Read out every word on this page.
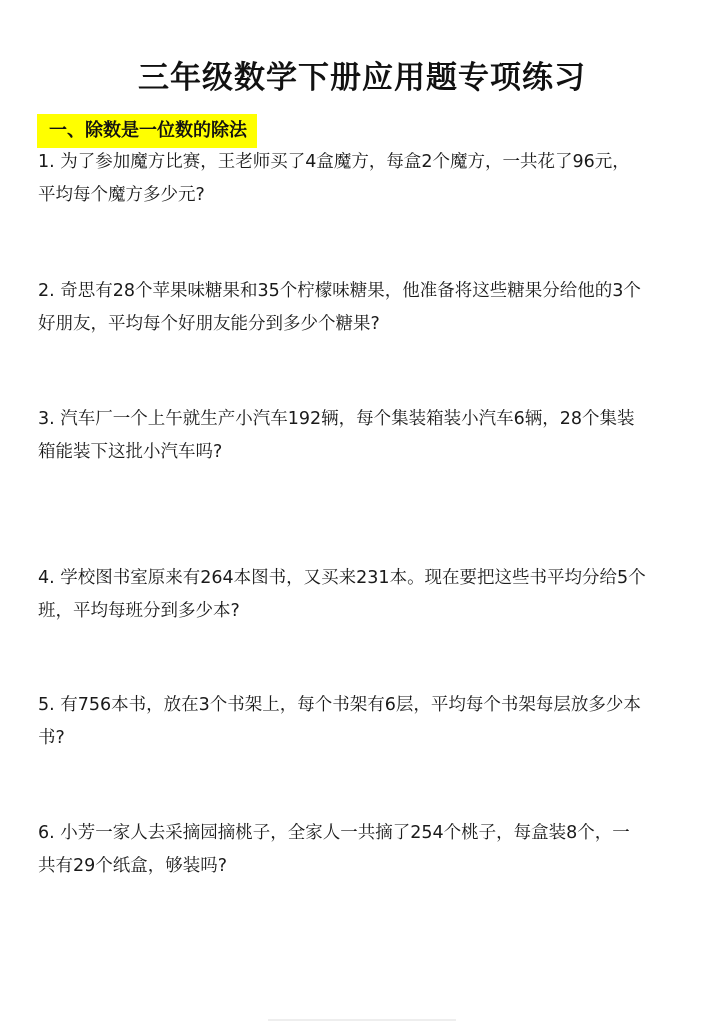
三年级数学下册应用题专项练习
一、除数是一位数的除法

1. 为了参加魔方比赛，王老师买了4盒魔方，每盒2个魔方，一共花了96元，

平均每个魔方多少元?

2. 奇思有28个苹果味糖果和35个柠檬味糖果，他准备将这些糖果分给他的3个

好朋友，平均每个好朋友能分到多少个糖果?

3. 汽车厂一个上午就生产小汽车192辆，每个集装箱装小汽车6辆，28个集装

箱能装下这批小汽车吗?

4. 学校图书室原来有264本图书，又买来231本。现在要把这些书平均分给5个

班，平均每班分到多少本?

5. 有756本书，放在3个书架上，每个书架有6层，平均每个书架每层放多少本

书?

6. 小芳一家人去采摘园摘桃子，全家人一共摘了254个桃子，每盒装8个，一

共有29个纸盒，够装吗?
